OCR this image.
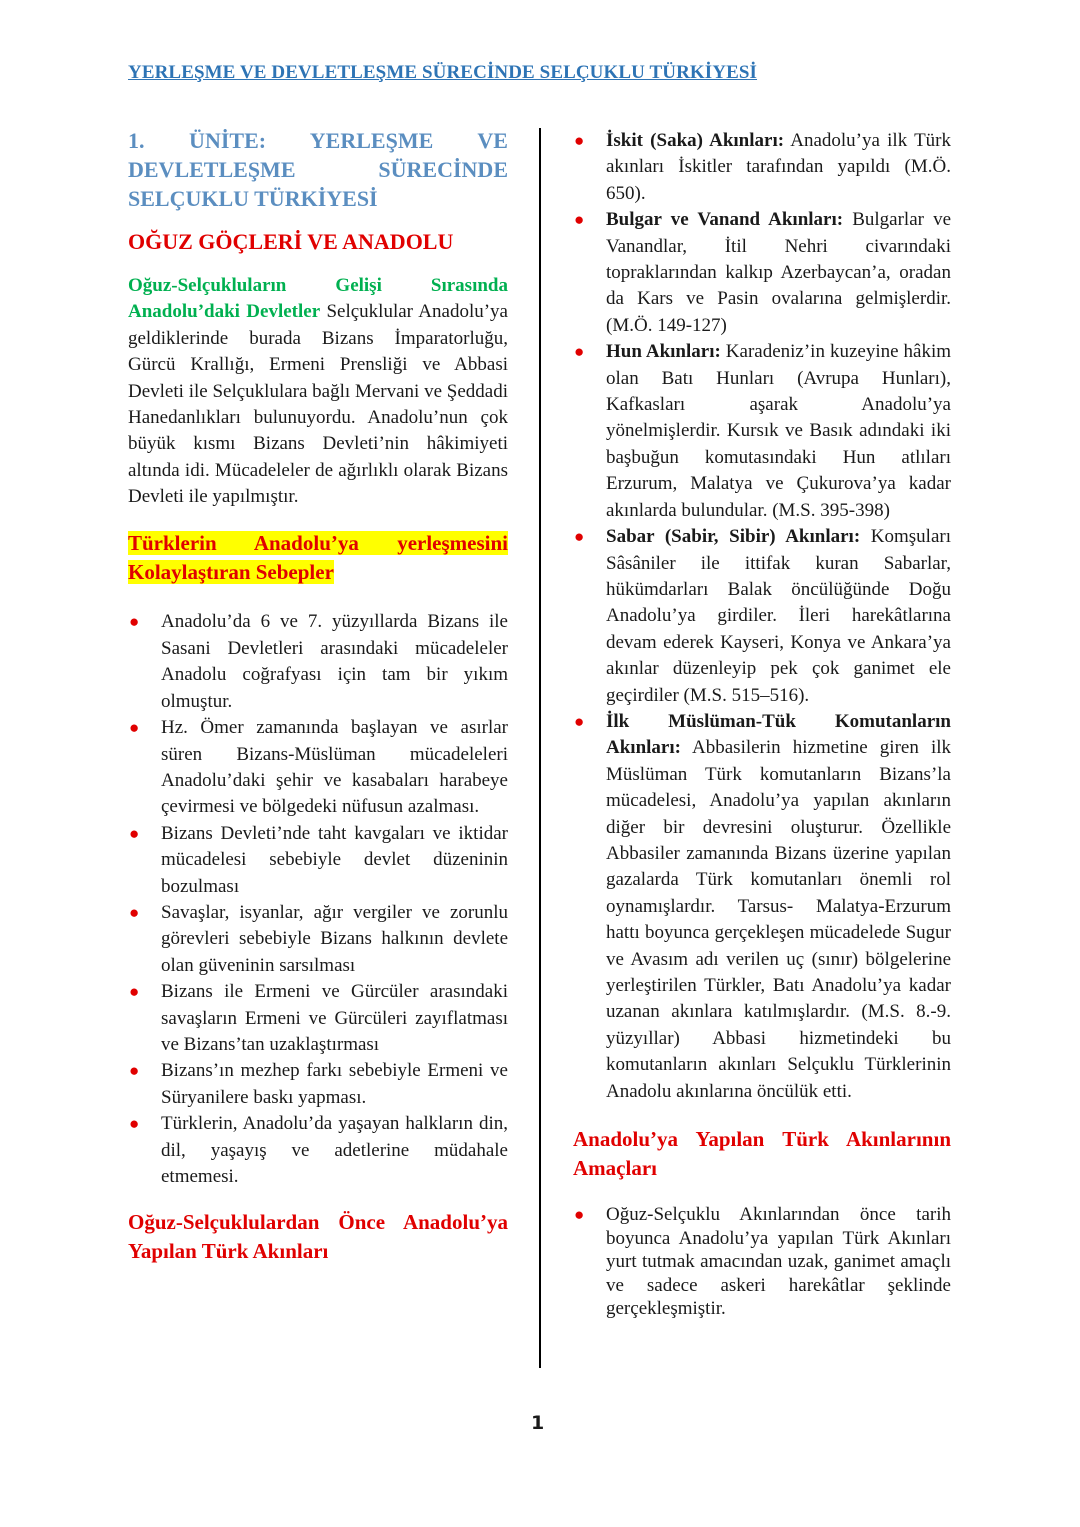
YERLEŞME VE DEVLETLEŞME SÜRECİNDE SELÇUKLU TÜRKİYESİ

1. ÜNİTE: YERLEŞME VE DEVLETLEŞME SÜRECİNDE SELÇUKLU TÜRKİYESİ

OĞUZ GÖÇLERİ VE ANADOLU

Oğuz-Selçukluların Gelişi Sırasında Anadolu’daki Devletler Selçuklular Anadolu’ya geldiklerinde burada Bizans İmparatorluğu, Gürcü Krallığı, Ermeni Prensliği ve Abbasi Devleti ile Selçuklulara bağlı Mervani ve Şeddadi Hanedanlıkları bulunuyordu. Anadolu’nun çok büyük kısmı Bizans Devleti’nin hâkimiyeti altında idi. Mücadeleler de ağırlıklı olarak Bizans Devleti ile yapılmıştır.

Türklerin Anadolu’ya yerleşmesini Kolaylaştıran Sebepler

● Anadolu’da 6 ve 7. yüzyıllarda Bizans ile Sasani Devletleri arasındaki mücadeleler Anadolu coğrafyası için tam bir yıkım olmuştur.
● Hz. Ömer zamanında başlayan ve asırlar süren Bizans-Müslüman mücadeleleri Anadolu’daki şehir ve kasabaları harabeye çevirmesi ve bölgedeki nüfusun azalması.
● Bizans Devleti’nde taht kavgaları ve iktidar mücadelesi sebebiyle devlet düzeninin bozulması
● Savaşlar, isyanlar, ağır vergiler ve zorunlu görevleri sebebiyle Bizans halkının devlete olan güveninin sarsılması
● Bizans ile Ermeni ve Gürcüler arasındaki savaşların Ermeni ve Gürcüleri zayıflatması ve Bizans’tan uzaklaştırması
● Bizans’ın mezhep farkı sebebiyle Ermeni ve Süryanilere baskı yapması.
● Türklerin, Anadolu’da yaşayan halkların din, dil, yaşayış ve adetlerine müdahale etmemesi.

Oğuz-Selçuklulardan Önce Anadolu’ya Yapılan Türk Akınları

● İskit (Saka) Akınları: Anadolu’ya ilk Türk akınları İskitler tarafından yapıldı (M.Ö. 650).
● Bulgar ve Vanand Akınları: Bulgarlar ve Vanandlar, İtil Nehri civarındaki topraklarından kalkıp Azerbaycan’a, oradan da Kars ve Pasin ovalarına gelmişlerdir. (M.Ö. 149-127)
● Hun Akınları: Karadeniz’in kuzeyine hâkim olan Batı Hunları (Avrupa Hunları), Kafkasları aşarak Anadolu’ya yönelmişlerdir. Kursık ve Basık adındaki iki başbuğun komutasındaki Hun atlıları Erzurum, Malatya ve Çukurova’ya kadar akınlarda bulundular. (M.S. 395-398)
● Sabar (Sabir, Sibir) Akınları: Komşuları Sâsâniler ile ittifak kuran Sabarlar, hükümdarları Balak öncülüğünde Doğu Anadolu’ya girdiler. İleri harekâtlarına devam ederek Kayseri, Konya ve Ankara’ya akınlar düzenleyip pek çok ganimet ele geçirdiler (M.S. 515–516).
● İlk Müslüman-Tük Komutanların Akınları: Abbasilerin hizmetine giren ilk Müslüman Türk komutanların Bizans’la mücadelesi, Anadolu’ya yapılan akınların diğer bir devresini oluşturur. Özellikle Abbasiler zamanında Bizans üzerine yapılan gazalarda Türk komutanları önemli rol oynamışlardır. Tarsus- Malatya-Erzurum hattı boyunca gerçekleşen mücadelede Sugur ve Avasım adı verilen uç (sınır) bölgelerine yerleştirilen Türkler, Batı Anadolu’ya kadar uzanan akınlara katılmışlardır. (M.S. 8.-9. yüzyıllar) Abbasi hizmetindeki bu komutanların akınları Selçuklu Türklerinin Anadolu akınlarına öncülük etti.

Anadolu’ya Yapılan Türk Akınlarının Amaçları

● Oğuz-Selçuklu Akınlarından önce tarih boyunca Anadolu’ya yapılan Türk Akınları yurt tutmak amacından uzak, ganimet amaçlı ve sadece askeri harekâtlar şeklinde gerçekleşmiştir.
1
